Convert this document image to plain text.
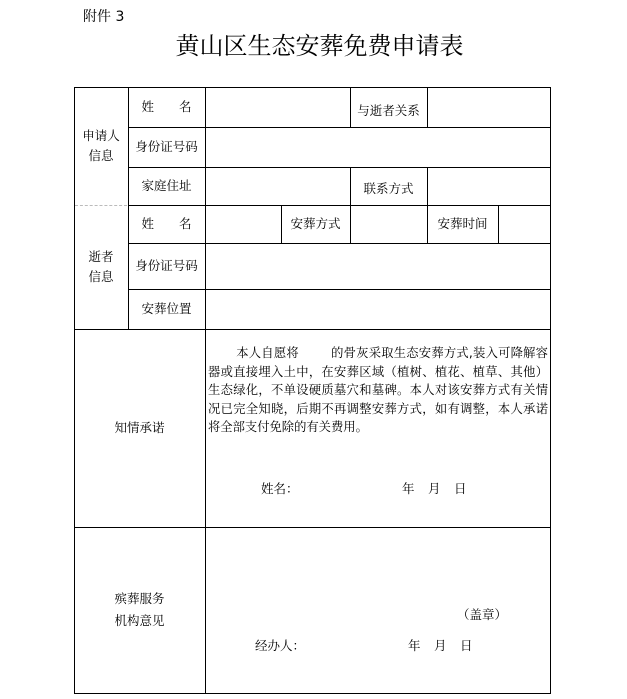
附件 3
黄山区生态安葬免费申请表
申请人
信息
姓　　名	与逝者关系
身份证号码
家庭住址	联系方式
逝者
信息
姓　　名	安葬方式	安葬时间
身份证号码
安葬位置
知情承诺
本人自愿将	的骨灰采取生态安葬方式,装入可降解容器或直接埋入土中，在安葬区域（植树、植花、植草、其他）生态绿化，不单设硬质墓穴和墓碑。本人对该安葬方式有关情况已完全知晓，后期不再调整安葬方式，如有调整，本人承诺将全部支付免除的有关费用。
姓名：	年 月 日
殡葬服务
机构意见	（盖章）
经办人：	年 月 日
